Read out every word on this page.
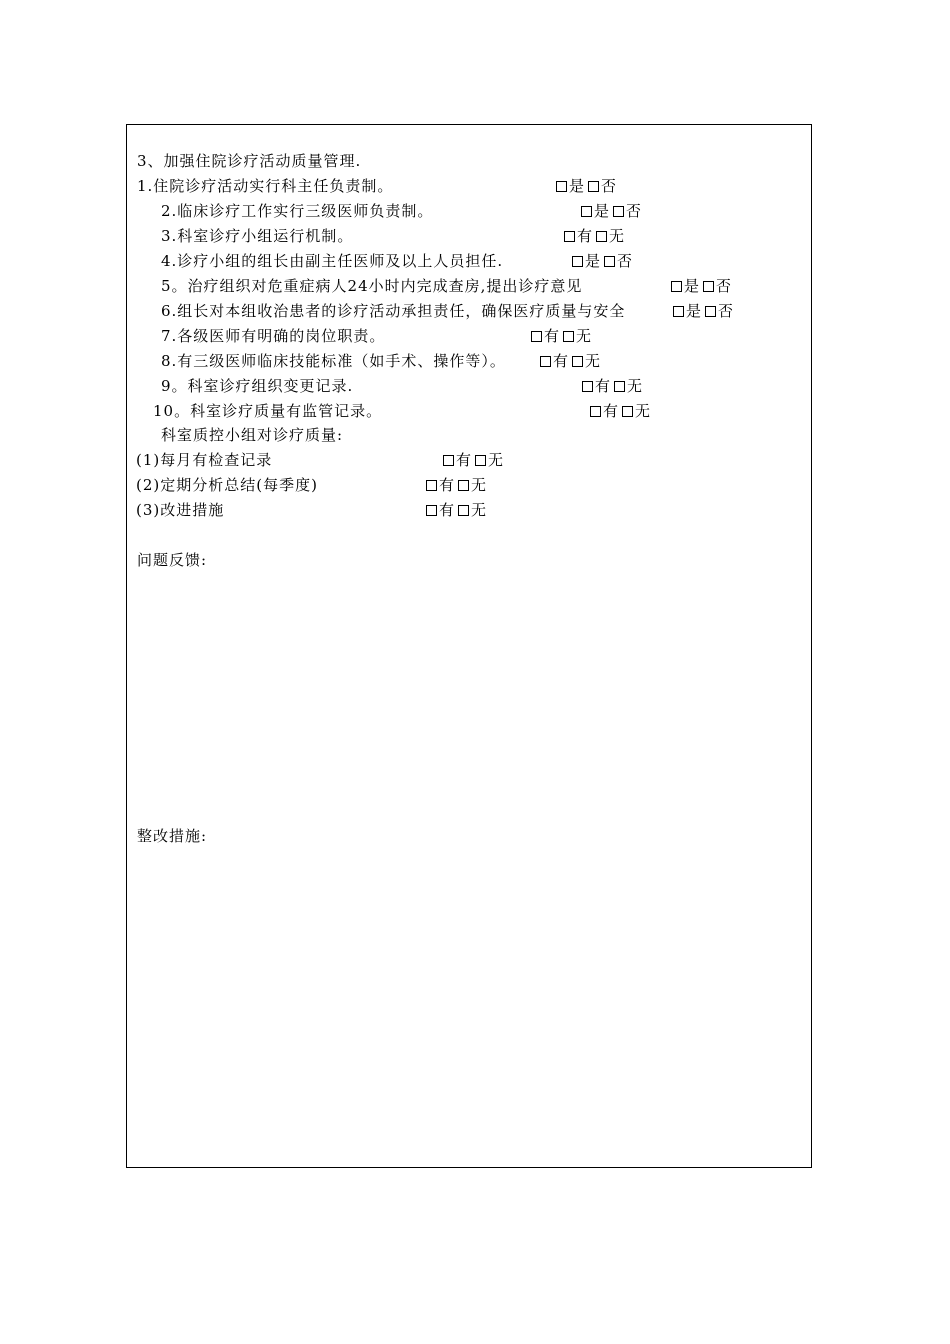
3、加强住院诊疗活动质量管理.
1.住院诊疗活动实行科主任负责制。	是 否
2.临床诊疗工作实行三级医师负责制。	是 否
3.科室诊疗小组运行机制。	有 无
4.诊疗小组的组长由副主任医师及以上人员担任.	是 否
5。治疗组织对危重症病人24小时内完成查房,提出诊疗意见	是 否
6.组长对本组收治患者的诊疗活动承担责任，确保医疗质量与安全	是 否
7.各级医师有明确的岗位职责。	有 无
8.有三级医师临床技能标准（如手术、操作等）。	有 无
9。科室诊疗组织变更记录.	有 无
10。科室诊疗质量有监管记录。	有 无
科室质控小组对诊疗质量:
(1)每月有检查记录	有 无
(2)定期分析总结(每季度)	有 无
(3)改进措施	有 无
问题反馈:
整改措施:
